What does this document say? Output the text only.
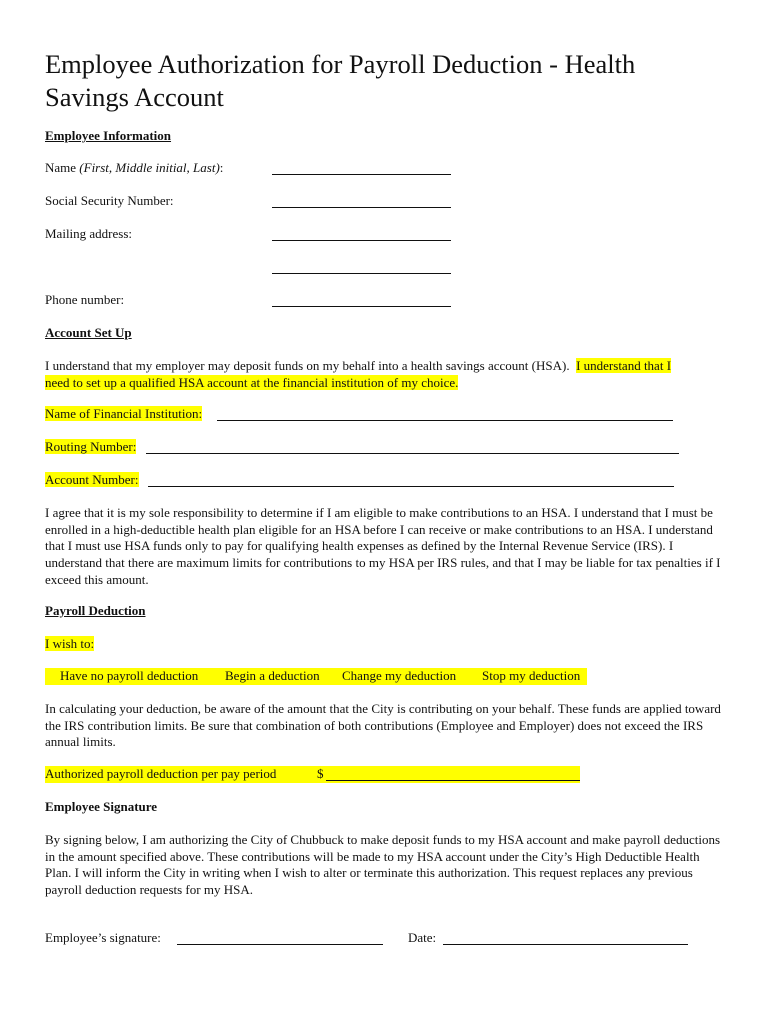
Employee Authorization for Payroll Deduction - Health Savings Account
Employee Information
Name (First, Middle initial, Last):
Social Security Number:
Mailing address:
Phone number:
Account Set Up
I understand that my employer may deposit funds on my behalf into a health savings account (HSA). I understand that I
need to set up a qualified HSA account at the financial institution of my choice.
Name of Financial Institution:
Routing Number:
Account Number:
I agree that it is my sole responsibility to determine if I am eligible to make contributions to an HSA. I understand that I must be enrolled in a high-deductible health plan eligible for an HSA before I can receive or make contributions to an HSA. I understand that I must use HSA funds only to pay for qualifying health expenses as defined by the Internal Revenue Service (IRS). I understand that there are maximum limits for contributions to my HSA per IRS rules, and that I may be liable for tax penalties if I exceed this amount.
Payroll Deduction
I wish to:
Have no payroll deduction Begin a deduction Change my deduction Stop my deduction
In calculating your deduction, be aware of the amount that the City is contributing on your behalf. These funds are applied toward the IRS contribution limits. Be sure that combination of both contributions (Employee and Employer) does not exceed the IRS annual limits.
Authorized payroll deduction per pay period	$
Employee Signature
By signing below, I am authorizing the City of Chubbuck to make deposit funds to my HSA account and make payroll deductions in the amount specified above. These contributions will be made to my HSA account under the City’s High Deductible Health Plan. I will inform the City in writing when I wish to alter or terminate this authorization. This request replaces any previous payroll deduction requests for my HSA.
Employee’s signature:	Date:
